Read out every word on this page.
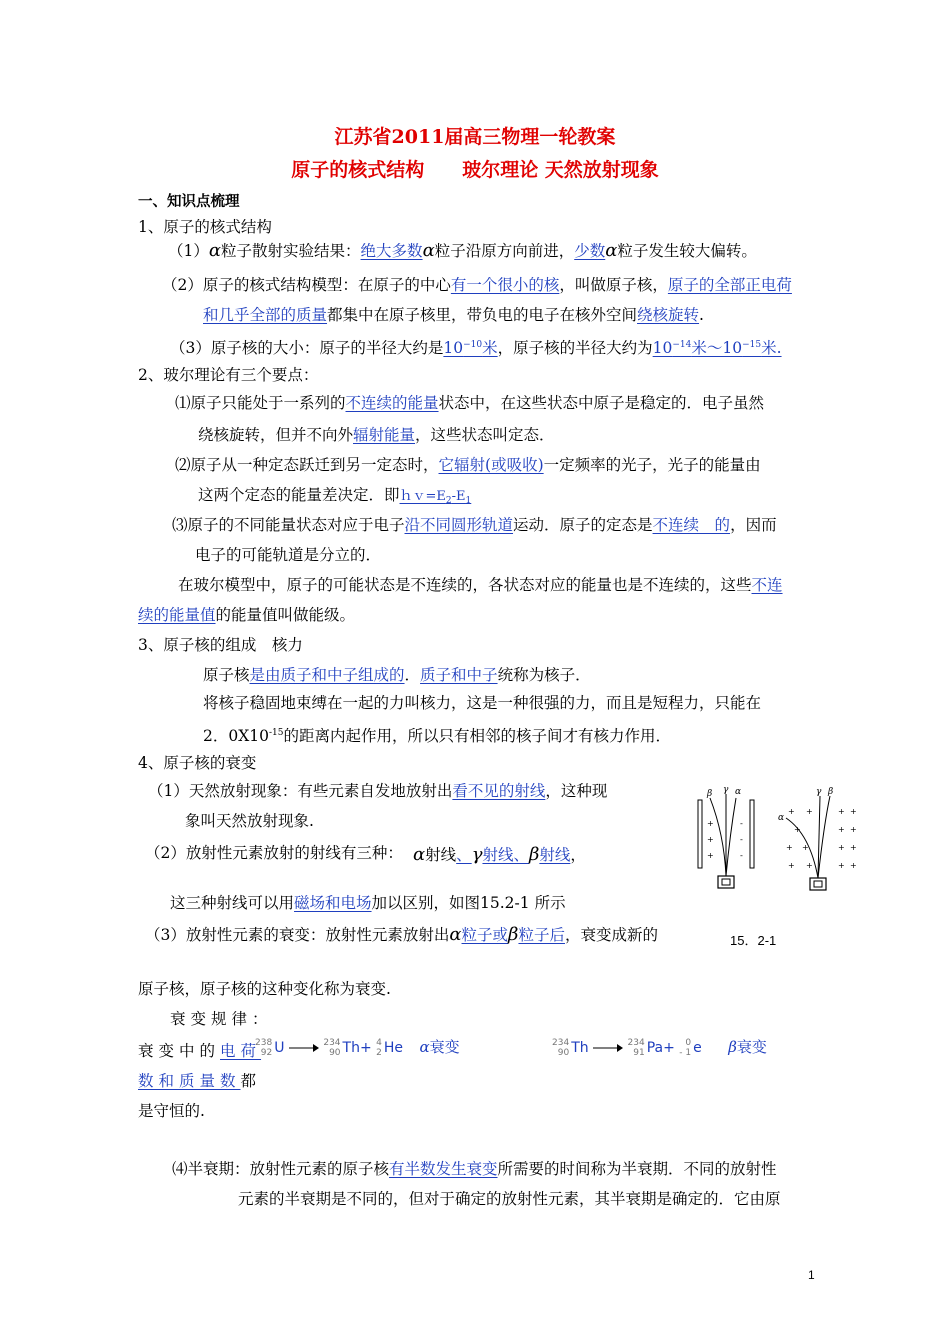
江苏省2011届高三物理一轮教案
原子的核式结构　　玻尔理论 天然放射现象
一、知识点梳理
1、原子的核式结构
（1）α粒子散射实验结果：绝大多数α粒子沿原方向前进，少数α粒子发生较大偏转。
（2）原子的核式结构模型：在原子的中心有一个很小的核，叫做原子核，原子的全部正电荷
和几乎全部的质量都集中在原子核里，带负电的电子在核外空间绕核旋转.
（3）原子核的大小：原子的半径大约是$10^{-10}$米，原子核的半径大约为$10^{-14}$米$\sim 10^{-15}$米.
2、玻尔理论有三个要点：
⑴原子只能处于一系列的不连续的能量状态中，在这些状态中原子是稳定的．电子虽然
绕核旋转，但并不向外辐射能量，这些状态叫定态．
⑵原子从一种定态跃迁到另一定态时，它辐射(或吸收)一定频率的光子，光子的能量由
这两个定态的能量差决定．即$hv=E_2-E_1$
⑶原子的不同能量状态对应于电子沿不同圆形轨道运动．原子的定态是不连续　的，因而
电子的可能轨道是分立的．
在玻尔模型中，原子的可能状态是不连续的，各状态对应的能量也是不连续的，这些不连
续的能量值的能量值叫做能级。
3、原子核的组成　核力
原子核是由质子和中子组成的．质子和中子统称为核子．
将核子稳固地束缚在一起的力叫核力，这是一种很强的力，而且是短程力，只能在
2．$0X10^{-15}$的距离内起作用，所以只有相邻的核子间才有核力作用．
4、原子核的衰变
（1）天然放射现象：有些元素自发地放射出看不见的射线，这种现
象叫天然放射现象.
（2）放射性元素放射的射线有三种： α射线、γ射线、β射线，
这三种射线可以用磁场和电场加以区别，如图15.2-1 所示
（3）放射性元素的衰变：放射性元素放射出α粒子或β粒子后，衰变成新的
原子核，原子核的这种变化称为衰变.
衰变规律：
衰变中的电荷
数和质量数都
是守恒的.
238
92 U	234
90 Th+ 4
2 He α衰变	234
90 Th	234
91 Pa+ 0
- 1 e β衰变
⑷半衰期：放射性元素的原子核有半数发生衰变所需要的时间称为半衰期．不同的放射性
元素的半衰期是不同的，但对于确定的放射性元素，其半衰期是确定的．它由原
+
+
+
-
-
-
β γ α
+ +	+ +
+	+ +
+ +	+ +
+ +	+ +
α
γ β
15．2-1
1
